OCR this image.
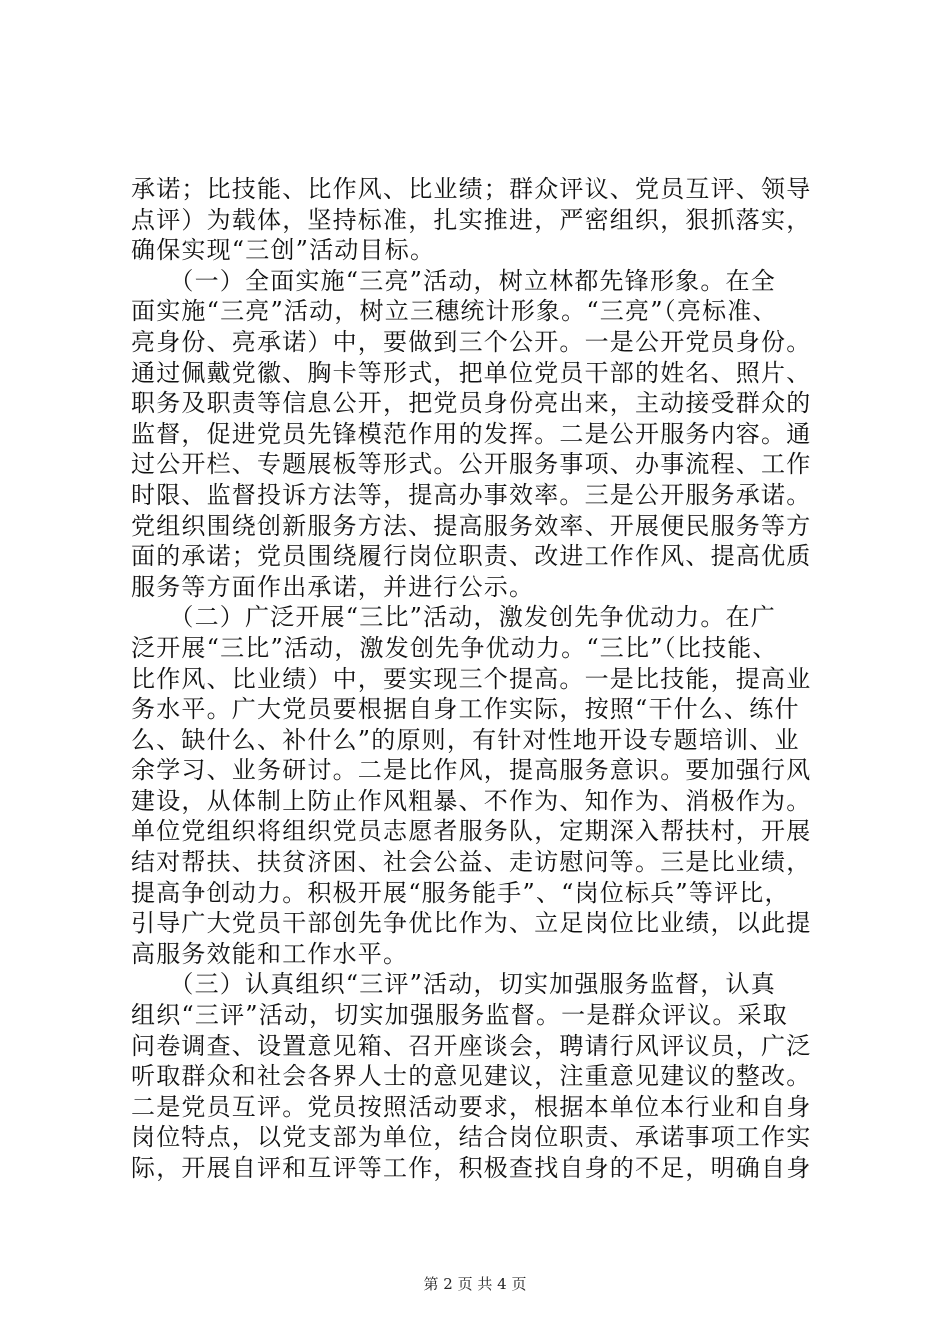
承诺；比技能、比作风、比业绩；群众评议、党员互评、领导
点评）为载体，坚持标准，扎实推进，严密组织，狠抓落实，
确保实现“三创”活动目标。
　　（一）全面实施“三亮”活动，树立林都先锋形象。在全
面实施“三亮”活动，树立三穗统计形象。“三亮”（亮标准、
亮身份、亮承诺）中，要做到三个公开。一是公开党员身份。
通过佩戴党徽、胸卡等形式，把单位党员干部的姓名、照片、
职务及职责等信息公开，把党员身份亮出来，主动接受群众的
监督，促进党员先锋模范作用的发挥。二是公开服务内容。通
过公开栏、专题展板等形式。公开服务事项、办事流程、工作
时限、监督投诉方法等，提高办事效率。三是公开服务承诺。
党组织围绕创新服务方法、提高服务效率、开展便民服务等方
面的承诺；党员围绕履行岗位职责、改进工作作风、提高优质
服务等方面作出承诺，并进行公示。
　　（二）广泛开展“三比”活动，激发创先争优动力。在广
泛开展“三比”活动，激发创先争优动力。“三比”（比技能、
比作风、比业绩）中，要实现三个提高。一是比技能，提高业
务水平。广大党员要根据自身工作实际，按照“干什么、练什
么、缺什么、补什么”的原则，有针对性地开设专题培训、业
余学习、业务研讨。二是比作风，提高服务意识。要加强行风
建设，从体制上防止作风粗暴、不作为、知作为、消极作为。
单位党组织将组织党员志愿者服务队，定期深入帮扶村，开展
结对帮扶、扶贫济困、社会公益、走访慰问等。三是比业绩，
提高争创动力。积极开展“服务能手”、“岗位标兵”等评比，
引导广大党员干部创先争优比作为、立足岗位比业绩，以此提
高服务效能和工作水平。
　　（三）认真组织“三评”活动，切实加强服务监督，认真
组织“三评”活动，切实加强服务监督。一是群众评议。采取
问卷调查、设置意见箱、召开座谈会，聘请行风评议员，广泛
听取群众和社会各界人士的意见建议，注重意见建议的整改。
二是党员互评。党员按照活动要求，根据本单位本行业和自身
岗位特点，以党支部为单位，结合岗位职责、承诺事项工作实
际，开展自评和互评等工作，积极查找自身的不足，明确自身
第 2 页 共 4 页
